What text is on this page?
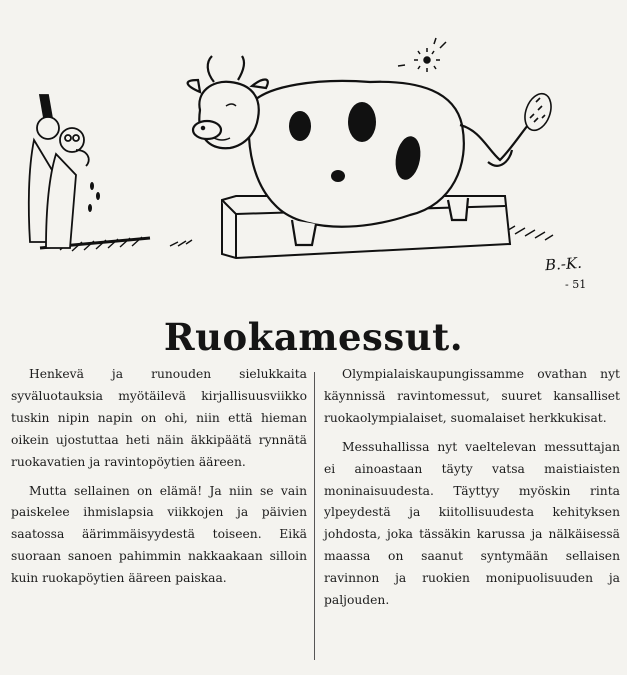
B.-K.
- 51
Ruokamessut.

Henkevä ja runouden sielukkaita syväluotauksia myötäilevä kirjallisuusviikko tuskin nipin napin on ohi, niin että hieman oikein ujostuttaa heti näin äkkipäätä rynnätä ruokavatien ja ravintopöytien ääreen.

Mutta sellainen on elämä! Ja niin se vain paiskelee ihmislapsia viikkojen ja päivien saatossa äärimmäisyydestä toiseen. Eikä suoraan sanoen pahimmin nakkaakaan silloin kuin ruokapöytien ääreen paiskaa.

Olympialaiskaupungissamme ovathan nyt käynnissä ravintomessut, suuret kansalliset ruokaolympialaiset, suomalaiset herkkukisat.

Messuhallissa nyt vaeltelevan messuttajan ei ainoastaan täyty vatsa maistiaisten moninaisuudesta. Täyttyy myöskin rinta ylpeydestä ja kiitollisuudesta kehityksen johdosta, joka tässäkin karussa ja nälkäisessä maassa on saanut syntymään sellaisen ravinnon ja ruokien monipuolisuuden ja paljouden.
